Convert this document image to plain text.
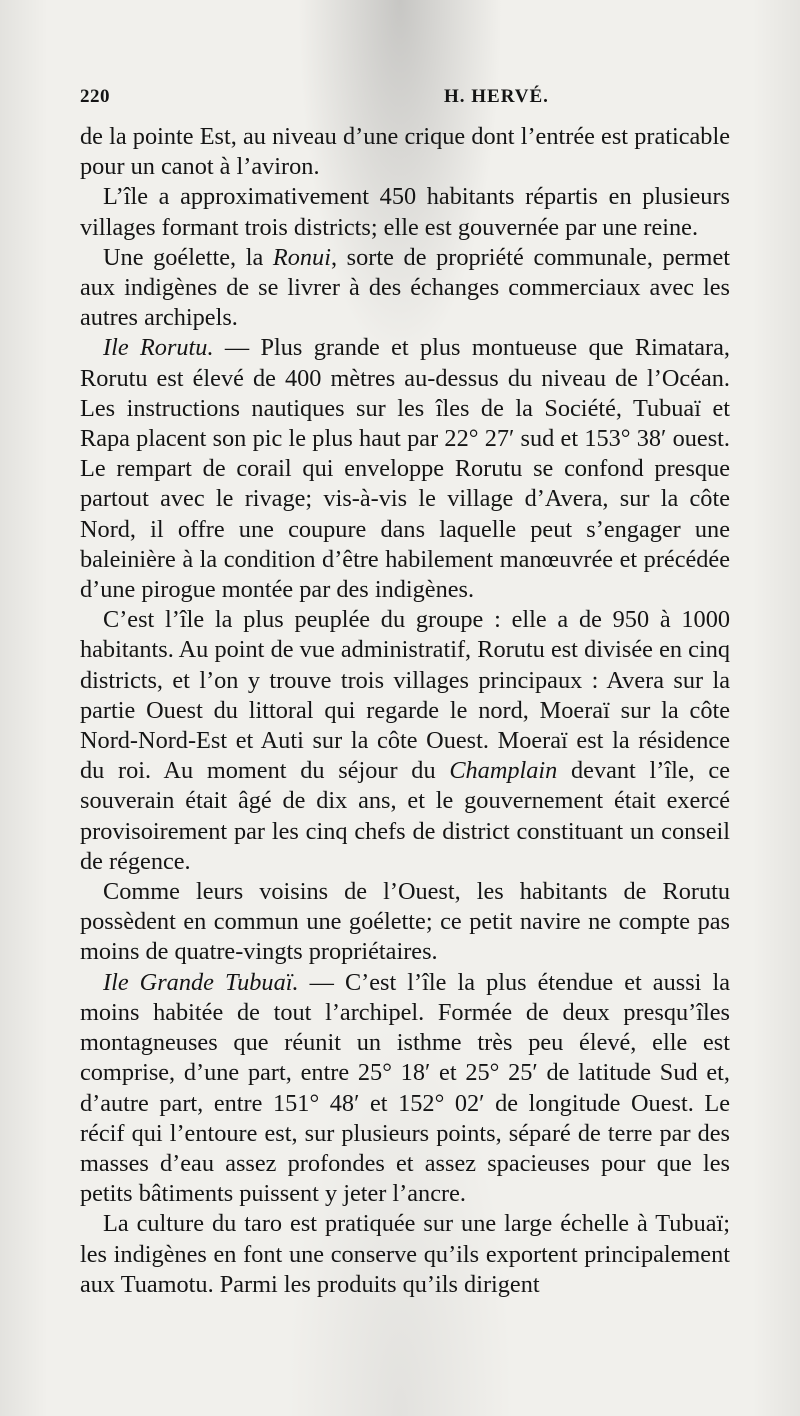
220	H. HERVÉ.

de la pointe Est, au niveau d’une crique dont l’entrée est praticable pour un canot à l’aviron.

L’île a approximativement 450 habitants répartis en plusieurs villages formant trois districts; elle est gouvernée par une reine.

Une goélette, la Ronui, sorte de propriété communale, permet aux indigènes de se livrer à des échanges commerciaux avec les autres archipels.

Ile Rorutu. — Plus grande et plus montueuse que Rimatara, Rorutu est élevé de 400 mètres au-dessus du niveau de l’Océan. Les instructions nautiques sur les îles de la Société, Tubuaï et Rapa placent son pic le plus haut par 22° 27′ sud et 153° 38′ ouest. Le rempart de corail qui enveloppe Rorutu se confond presque partout avec le rivage; vis-à-vis le village d’Avera, sur la côte Nord, il offre une coupure dans laquelle peut s’engager une baleinière à la condition d’être habilement manœuvrée et précédée d’une pirogue montée par des indigènes.

C’est l’île la plus peuplée du groupe : elle a de 950 à 1000 habitants. Au point de vue administratif, Rorutu est divisée en cinq districts, et l’on y trouve trois villages principaux : Avera sur la partie Ouest du littoral qui regarde le nord, Moeraï sur la côte Nord-Nord-Est et Auti sur la côte Ouest. Moeraï est la résidence du roi. Au moment du séjour du Champlain devant l’île, ce souverain était âgé de dix ans, et le gouvernement était exercé provisoirement par les cinq chefs de district constituant un conseil de régence.

Comme leurs voisins de l’Ouest, les habitants de Rorutu possèdent en commun une goélette; ce petit navire ne compte pas moins de quatre-vingts propriétaires.

Ile Grande Tubuaï. — C’est l’île la plus étendue et aussi la moins habitée de tout l’archipel. Formée de deux presqu’îles montagneuses que réunit un isthme très peu élevé, elle est comprise, d’une part, entre 25° 18′ et 25° 25′ de latitude Sud et, d’autre part, entre 151° 48′ et 152° 02′ de longitude Ouest. Le récif qui l’entoure est, sur plusieurs points, séparé de terre par des masses d’eau assez profondes et assez spacieuses pour que les petits bâtiments puissent y jeter l’ancre.

La culture du taro est pratiquée sur une large échelle à Tubuaï; les indigènes en font une conserve qu’ils exportent principalement aux Tuamotu. Parmi les produits qu’ils dirigent
